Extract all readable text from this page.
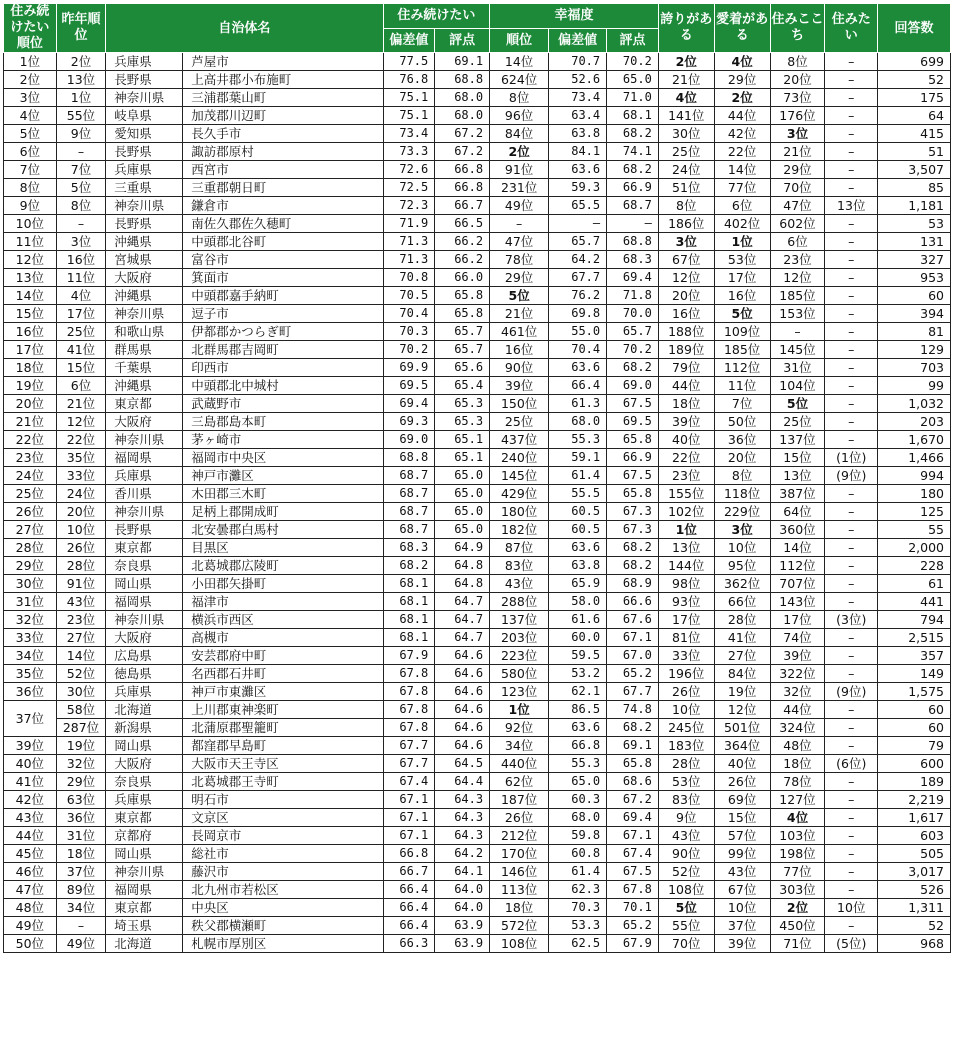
住み続けたい順位	昨年順位	自治体名		住み続けたい		幸福度			誇りがある	愛着がある	住みここち	住みたい	回答数
				偏差値	評点	順位	偏差値	評点					
1位	2位	兵庫県	芦屋市	77.5	69.1	14位	70.7	70.2	2位	4位	8位	–	699
2位	13位	長野県	上高井郡小布施町	76.8	68.8	624位	52.6	65.0	21位	29位	20位	–	52
3位	1位	神奈川県	三浦郡葉山町	75.1	68.0	8位	73.4	71.0	4位	2位	73位	–	175
4位	55位	岐阜県	加茂郡川辺町	75.1	68.0	96位	63.4	68.1	141位	44位	176位	–	64
5位	9位	愛知県	長久手市	73.4	67.2	84位	63.8	68.2	30位	42位	3位	–	415
6位	–	長野県	諏訪郡原村	73.3	67.2	2位	84.1	74.1	25位	22位	21位	–	51
7位	7位	兵庫県	西宮市	72.6	66.8	91位	63.6	68.2	24位	14位	29位	–	3,507
8位	5位	三重県	三重郡朝日町	72.5	66.8	231位	59.3	66.9	51位	77位	70位	–	85
9位	8位	神奈川県	鎌倉市	72.3	66.7	49位	65.5	68.7	8位	6位	47位	13位	1,181
10位	–	長野県	南佐久郡佐久穂町	71.9	66.5	–	–	–	186位	402位	602位	–	53
11位	3位	沖縄県	中頭郡北谷町	71.3	66.2	47位	65.7	68.8	3位	1位	6位	–	131
12位	16位	宮城県	富谷市	71.3	66.2	78位	64.2	68.3	67位	53位	23位	–	327
13位	11位	大阪府	箕面市	70.8	66.0	29位	67.7	69.4	12位	17位	12位	–	953
14位	4位	沖縄県	中頭郡嘉手納町	70.5	65.8	5位	76.2	71.8	20位	16位	185位	–	60
15位	17位	神奈川県	逗子市	70.4	65.8	21位	69.8	70.0	16位	5位	153位	–	394
16位	25位	和歌山県	伊都郡かつらぎ町	70.3	65.7	461位	55.0	65.7	188位	109位	–	–	81
17位	41位	群馬県	北群馬郡吉岡町	70.2	65.7	16位	70.4	70.2	189位	185位	145位	–	129
18位	15位	千葉県	印西市	69.9	65.6	90位	63.6	68.2	79位	112位	31位	–	703
19位	6位	沖縄県	中頭郡北中城村	69.5	65.4	39位	66.4	69.0	44位	11位	104位	–	99
20位	21位	東京都	武蔵野市	69.4	65.3	150位	61.3	67.5	18位	7位	5位	–	1,032
21位	12位	大阪府	三島郡島本町	69.3	65.3	25位	68.0	69.5	39位	50位	25位	–	203
22位	22位	神奈川県	茅ヶ崎市	69.0	65.1	437位	55.3	65.8	40位	36位	137位	–	1,670
23位	35位	福岡県	福岡市中央区	68.8	65.1	240位	59.1	66.9	22位	20位	15位	(1位)	1,466
24位	33位	兵庫県	神戸市灘区	68.7	65.0	145位	61.4	67.5	23位	8位	13位	(9位)	994
25位	24位	香川県	木田郡三木町	68.7	65.0	429位	55.5	65.8	155位	118位	387位	–	180
26位	20位	神奈川県	足柄上郡開成町	68.7	65.0	180位	60.5	67.3	102位	229位	64位	–	125
27位	10位	長野県	北安曇郡白馬村	68.7	65.0	182位	60.5	67.3	1位	3位	360位	–	55
28位	26位	東京都	目黒区	68.3	64.9	87位	63.6	68.2	13位	10位	14位	–	2,000
29位	28位	奈良県	北葛城郡広陵町	68.2	64.8	83位	63.8	68.2	144位	95位	112位	–	228
30位	91位	岡山県	小田郡矢掛町	68.1	64.8	43位	65.9	68.9	98位	362位	707位	–	61
31位	43位	福岡県	福津市	68.1	64.7	288位	58.0	66.6	93位	66位	143位	–	441
32位	23位	神奈川県	横浜市西区	68.1	64.7	137位	61.6	67.6	17位	28位	17位	(3位)	794
33位	27位	大阪府	高槻市	68.1	64.7	203位	60.0	67.1	81位	41位	74位	–	2,515
34位	14位	広島県	安芸郡府中町	67.9	64.6	223位	59.5	67.0	33位	27位	39位	–	357
35位	52位	徳島県	名西郡石井町	67.8	64.6	580位	53.2	65.2	196位	84位	322位	–	149
36位	30位	兵庫県	神戸市東灘区	67.8	64.6	123位	62.1	67.7	26位	19位	32位	(9位)	1,575
37位	58位	北海道	上川郡東神楽町	67.8	64.6	1位	86.5	74.8	10位	12位	44位	–	60
	287位	新潟県	北蒲原郡聖籠町	67.8	64.6	92位	63.6	68.2	245位	501位	324位	–	60
39位	19位	岡山県	都窪郡早島町	67.7	64.6	34位	66.8	69.1	183位	364位	48位	–	79
40位	32位	大阪府	大阪市天王寺区	67.7	64.5	440位	55.3	65.8	28位	40位	18位	(6位)	600
41位	29位	奈良県	北葛城郡王寺町	67.4	64.4	62位	65.0	68.6	53位	26位	78位	–	189
42位	63位	兵庫県	明石市	67.1	64.3	187位	60.3	67.2	83位	69位	127位	–	2,219
43位	36位	東京都	文京区	67.1	64.3	26位	68.0	69.4	9位	15位	4位	–	1,617
44位	31位	京都府	長岡京市	67.1	64.3	212位	59.8	67.1	43位	57位	103位	–	603
45位	18位	岡山県	総社市	66.8	64.2	170位	60.8	67.4	90位	99位	198位	–	505
46位	37位	神奈川県	藤沢市	66.7	64.1	146位	61.4	67.5	52位	43位	77位	–	3,017
47位	89位	福岡県	北九州市若松区	66.4	64.0	113位	62.3	67.8	108位	67位	303位	–	526
48位	34位	東京都	中央区	66.4	64.0	18位	70.3	70.1	5位	10位	2位	10位	1,311
49位	–	埼玉県	秩父郡横瀬町	66.4	63.9	572位	53.3	65.2	55位	37位	450位	–	52
50位	49位	北海道	札幌市厚別区	66.3	63.9	108位	62.5	67.9	70位	39位	71位	(5位)	968
